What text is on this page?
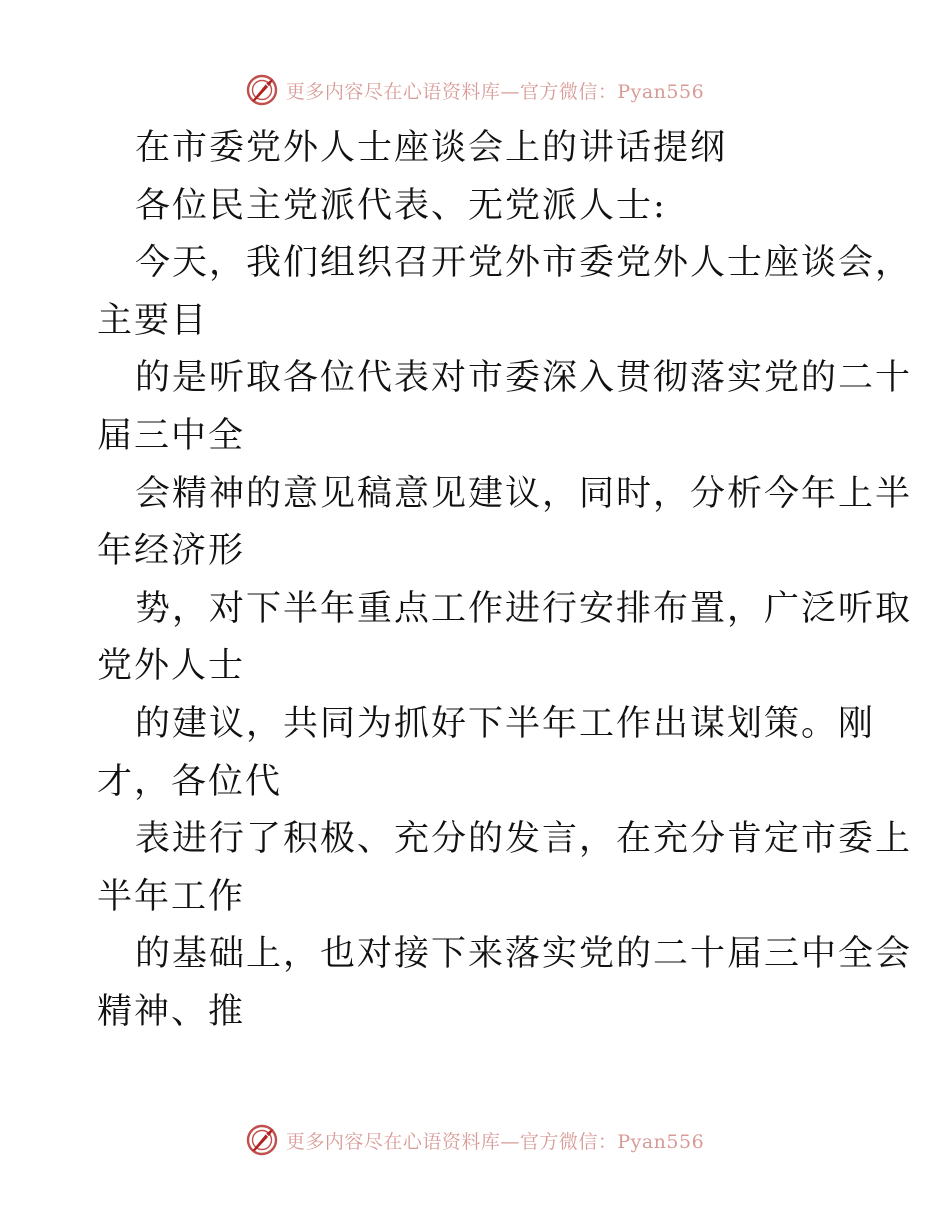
更多内容尽在心语资料库—官方微信：Pyan556
在市委党外人士座谈会上的讲话提纲
各位民主党派代表、无党派人士:
今天，我们组织召开党外市委党外人士座谈会，
主要目
的是听取各位代表对市委深入贯彻落实党的二十
届三中全
会精神的意见稿意见建议，同时，分析今年上半
年经济形
势，对下半年重点工作进行安排布置，广泛听取
党外人士
的建议，共同为抓好下半年工作出谋划策。刚
才，各位代
表进行了积极、充分的发言，在充分肯定市委上
半年工作
的基础上，也对接下来落实党的二十届三中全会
精神、推
更多内容尽在心语资料库—官方微信：Pyan556
